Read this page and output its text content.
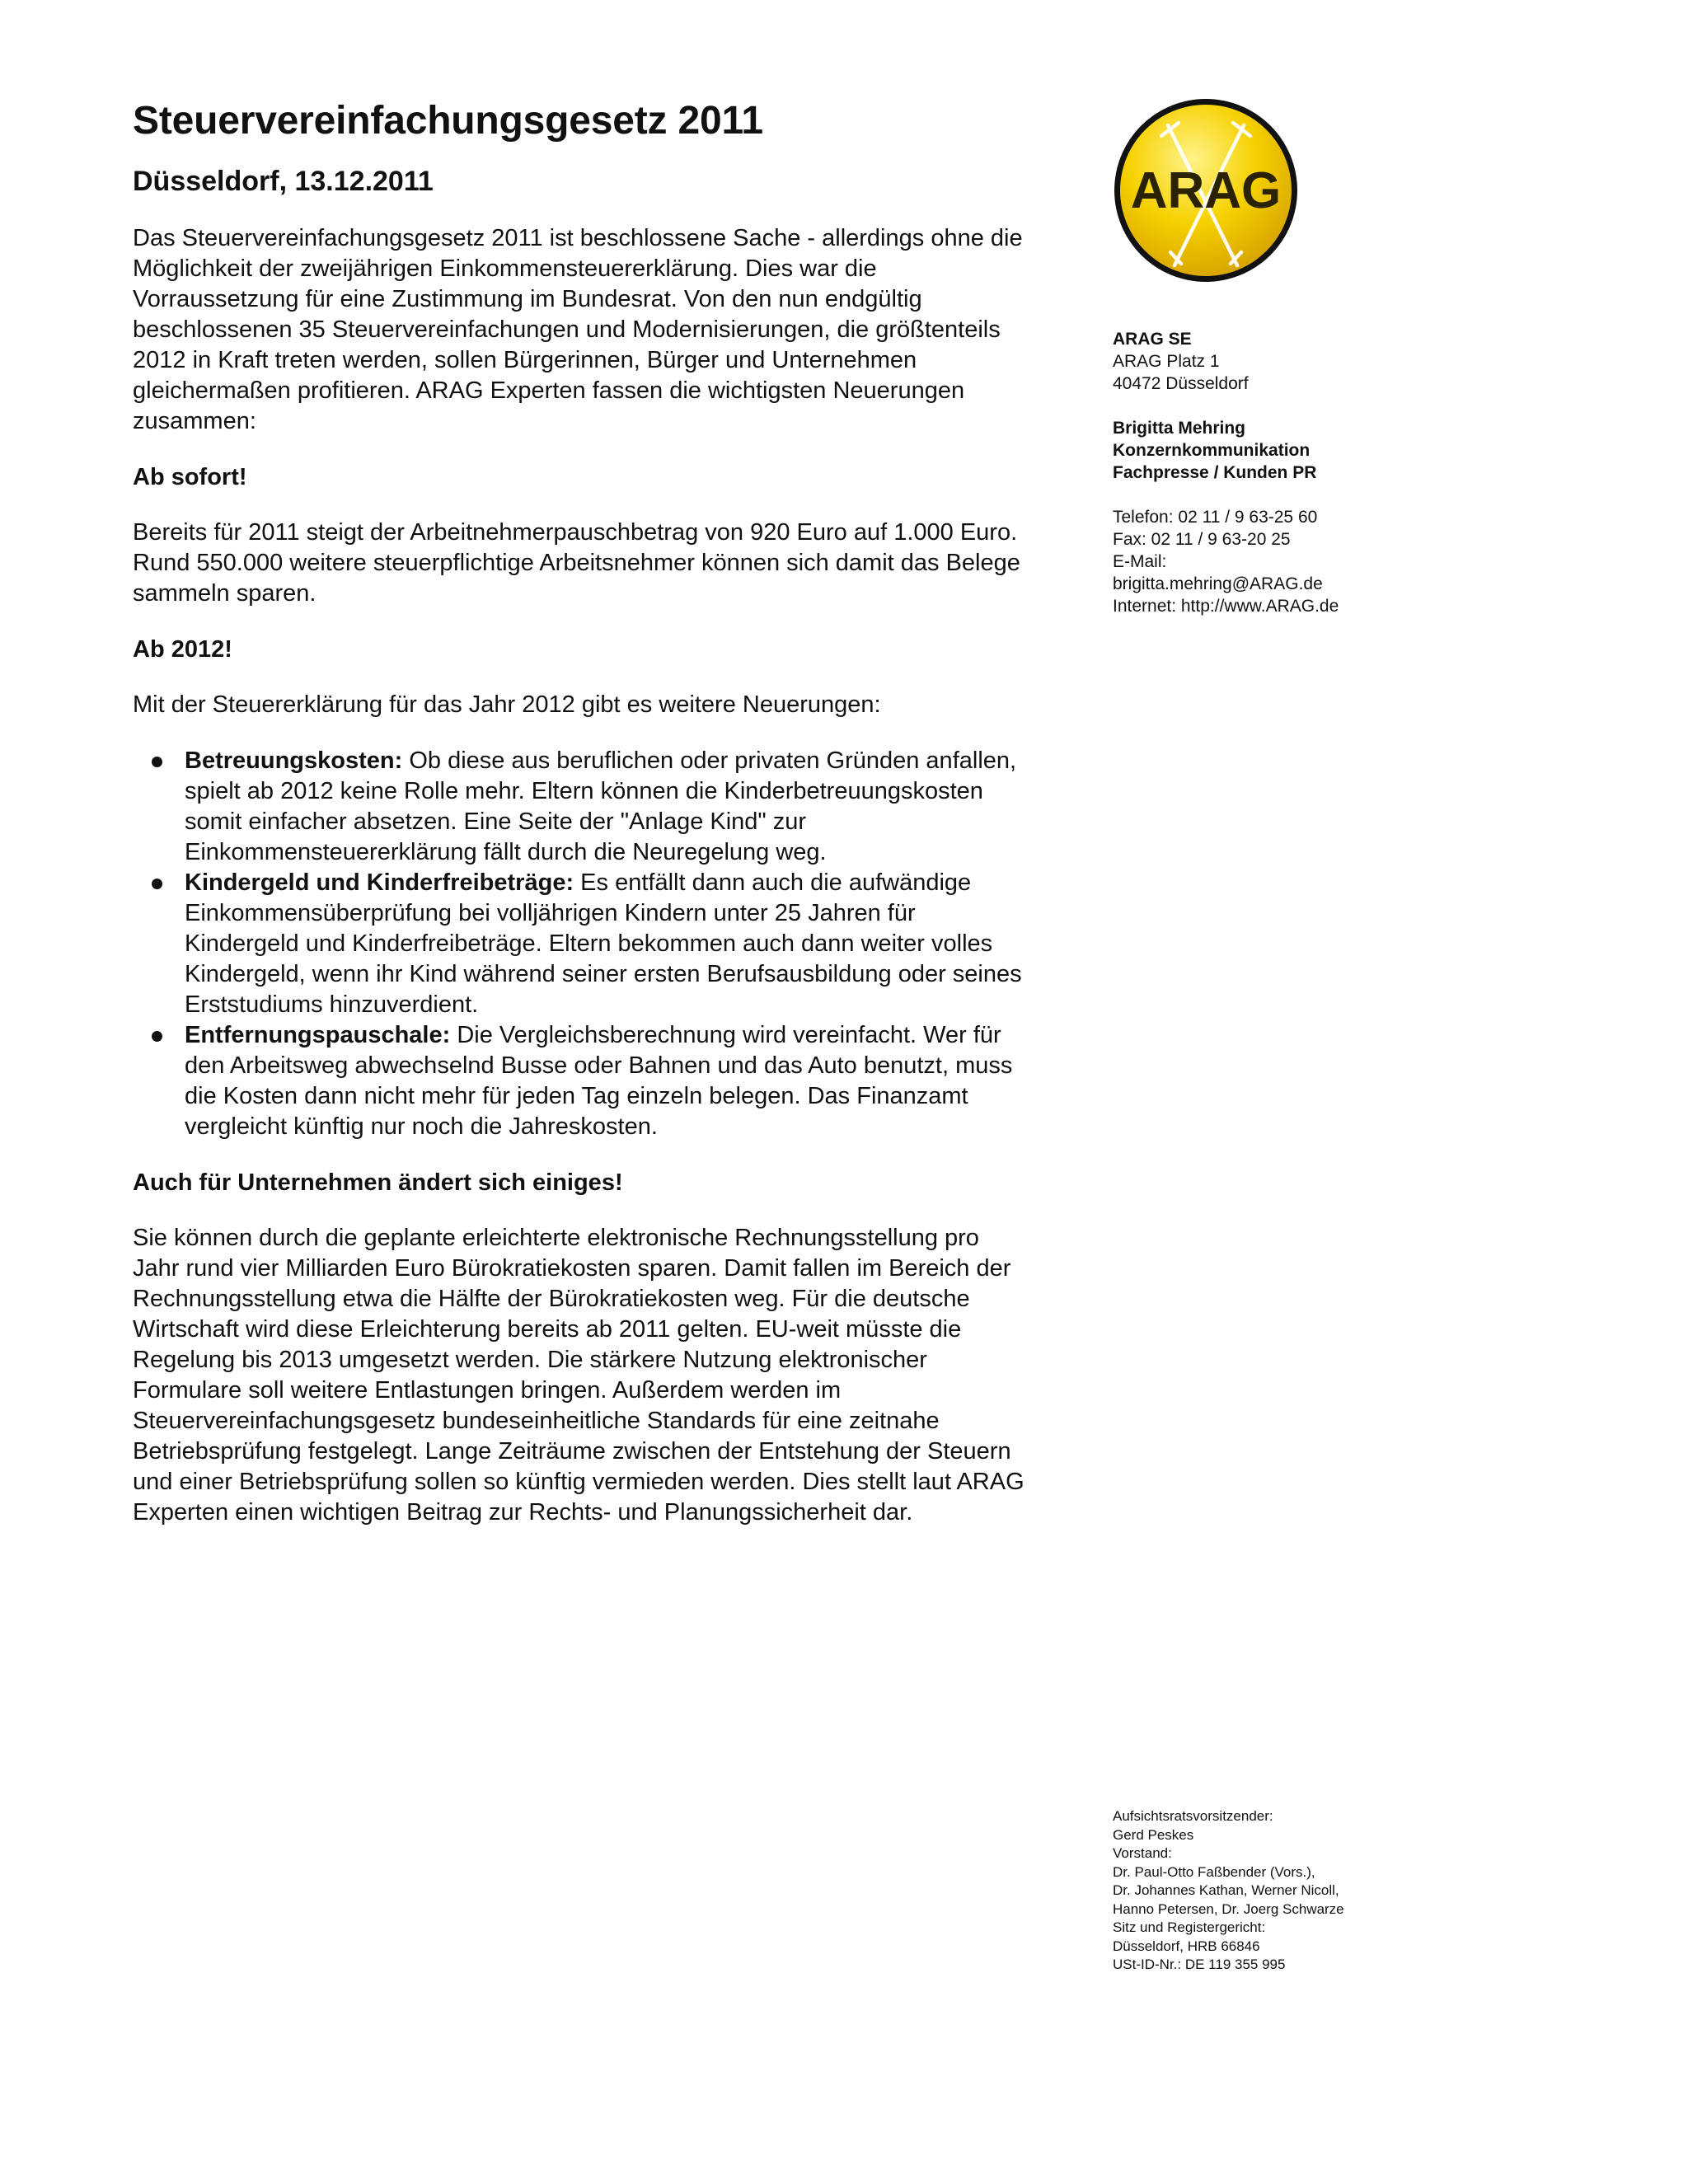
Steuervereinfachungsgesetz 2011
Düsseldorf, 13.12.2011

Das Steuervereinfachungsgesetz 2011 ist beschlossene Sache - allerdings ohne die Möglichkeit der zweijährigen Einkommensteuererklärung. Dies war die Vorraussetzung für eine Zustimmung im Bundesrat. Von den nun endgültig beschlossenen 35 Steuervereinfachungen und Modernisierungen, die größtenteils 2012 in Kraft treten werden, sollen Bürgerinnen, Bürger und Unternehmen gleichermaßen profitieren. ARAG Experten fassen die wichtigsten Neuerungen zusammen:

Ab sofort!

Bereits für 2011 steigt der Arbeitnehmerpauschbetrag von 920 Euro auf 1.000 Euro. Rund 550.000 weitere steuerpflichtige Arbeitsnehmer können sich damit das Belege sammeln sparen.

Ab 2012!

Mit der Steuererklärung für das Jahr 2012 gibt es weitere Neuerungen:

Betreuungskosten: Ob diese aus beruflichen oder privaten Gründen anfallen, spielt ab 2012 keine Rolle mehr. Eltern können die Kinderbetreuungskosten somit einfacher absetzen. Eine Seite der "Anlage Kind" zur Einkommensteuererklärung fällt durch die Neuregelung weg.
Kindergeld und Kinderfreibeträge: Es entfällt dann auch die aufwändige Einkommensüberprüfung bei volljährigen Kindern unter 25 Jahren für Kindergeld und Kinderfreibeträge. Eltern bekommen auch dann weiter volles Kindergeld, wenn ihr Kind während seiner ersten Berufsausbildung oder seines Erststudiums hinzuverdient.
Entfernungspauschale: Die Vergleichsberechnung wird vereinfacht. Wer für den Arbeitsweg abwechselnd Busse oder Bahnen und das Auto benutzt, muss die Kosten dann nicht mehr für jeden Tag einzeln belegen. Das Finanzamt vergleicht künftig nur noch die Jahreskosten.
Auch für Unternehmen ändert sich einiges!

Sie können durch die geplante erleichterte elektronische Rechnungsstellung pro Jahr rund vier Milliarden Euro Bürokratiekosten sparen. Damit fallen im Bereich der Rechnungsstellung etwa die Hälfte der Bürokratiekosten weg. Für die deutsche Wirtschaft wird diese Erleichterung bereits ab 2011 gelten. EU-weit müsste die Regelung bis 2013 umgesetzt werden. Die stärkere Nutzung elektronischer Formulare soll weitere Entlastungen bringen. Außerdem werden im Steuervereinfachungsgesetz bundeseinheitliche Standards für eine zeitnahe Betriebsprüfung festgelegt. Lange Zeiträume zwischen der Entstehung der Steuern und einer Betriebsprüfung sollen so künftig vermieden werden. Dies stellt laut ARAG Experten einen wichtigen Beitrag zur Rechts- und Planungssicherheit dar.

ARAG

ARAG SE

ARAG Platz 1

40472 Düsseldorf

Brigitta Mehring

Konzernkommunikation

Fachpresse / Kunden PR

Telefon: 02 11 / 9 63-25 60

Fax: 02 11 / 9 63-20 25

E-Mail:

brigitta.mehring@ARAG.de

Internet: http://www.ARAG.de

Aufsichtsratsvorsitzender:

Gerd Peskes

Vorstand:

Dr. Paul-Otto Faßbender (Vors.),

Dr. Johannes Kathan, Werner Nicoll,

Hanno Petersen, Dr. Joerg Schwarze

Sitz und Registergericht:

Düsseldorf, HRB 66846

USt-ID-Nr.: DE 119 355 995
